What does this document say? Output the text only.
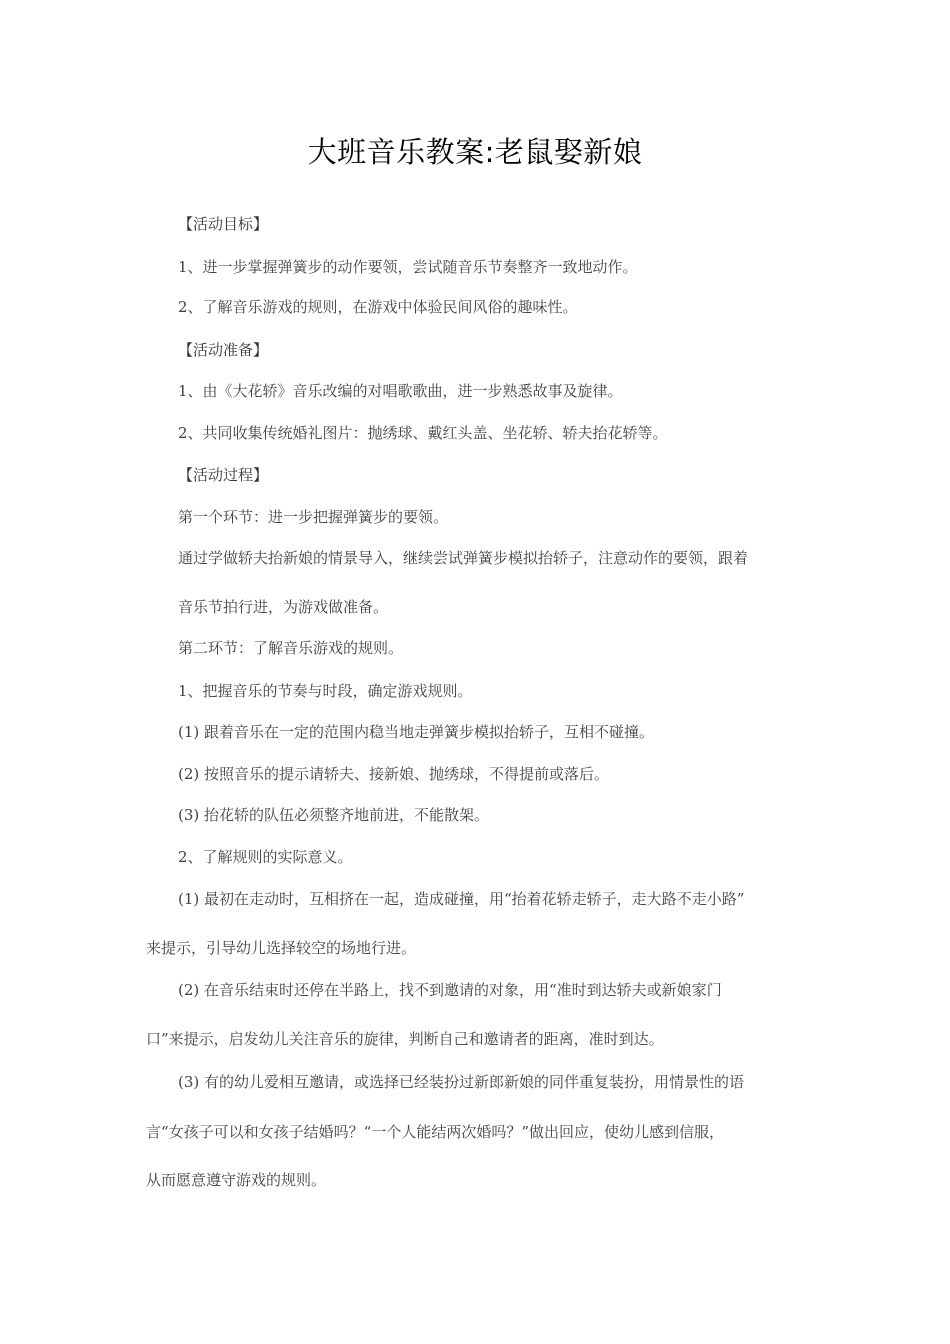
大班音乐教案:老鼠娶新娘
【活动目标】
1、进一步掌握弹簧步的动作要领，尝试随音乐节奏整齐一致地动作。
2、了解音乐游戏的规则，在游戏中体验民间风俗的趣味性。
【活动准备】
1、由《大花轿》音乐改编的对唱歌歌曲，进一步熟悉故事及旋律。
2、共同收集传统婚礼图片：抛绣球、戴红头盖、坐花轿、轿夫抬花轿等。
【活动过程】
第一个环节：进一步把握弹簧步的要领。
通过学做轿夫抬新娘的情景导入，继续尝试弹簧步模拟抬轿子，注意动作的要领，跟着
音乐节拍行进，为游戏做准备。
第二环节：了解音乐游戏的规则。
1、把握音乐的节奏与时段，确定游戏规则。
(1) 跟着音乐在一定的范围内稳当地走弹簧步模拟抬轿子，互相不碰撞。
(2) 按照音乐的提示请轿夫、接新娘、抛绣球，不得提前或落后。
(3) 抬花轿的队伍必须整齐地前进，不能散架。
2、了解规则的实际意义。
(1) 最初在走动时，互相挤在一起，造成碰撞，用“抬着花轿走轿子，走大路不走小路”
来提示，引导幼儿选择较空的场地行进。
(2) 在音乐结束时还停在半路上，找不到邀请的对象，用“准时到达轿夫或新娘家门
口”来提示，启发幼儿关注音乐的旋律，判断自己和邀请者的距离，准时到达。
(3) 有的幼儿爱相互邀请，或选择已经装扮过新郎新娘的同伴重复装扮，用情景性的语
言“女孩子可以和女孩子结婚吗？“一个人能结两次婚吗？”做出回应，使幼儿感到信服，
从而愿意遵守游戏的规则。
